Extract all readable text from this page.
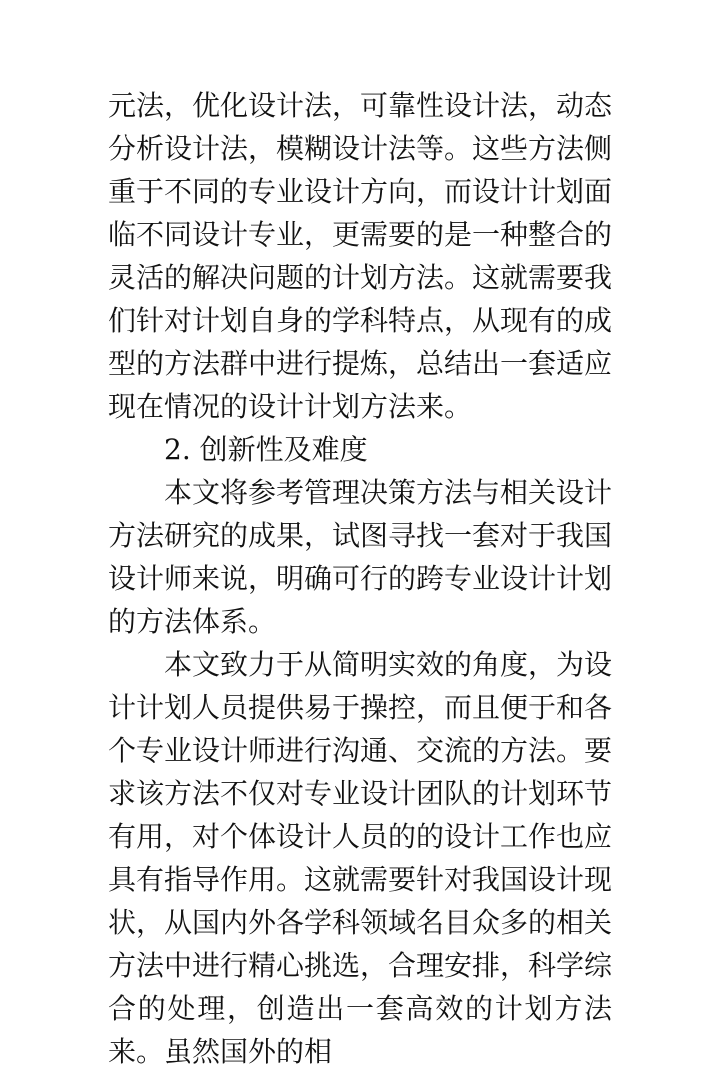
元法，优化设计法，可靠性设计法，动态分析设计法，模糊设计法等。这些方法侧重于不同的专业设计方向，而设计计划面临不同设计专业，更需要的是一种整合的灵活的解决问题的计划方法。这就需要我们针对计划自身的学科特点，从现有的成型的方法群中进行提炼，总结出一套适应现在情况的设计计划方法来。

2. 创新性及难度

本文将参考管理决策方法与相关设计方法研究的成果，试图寻找一套对于我国设计师来说，明确可行的跨专业设计计划的方法体系。

本文致力于从简明实效的角度，为设计计划人员提供易于操控，而且便于和各个专业设计师进行沟通、交流的方法。要求该方法不仅对专业设计团队的计划环节有用，对个体设计人员的的设计工作也应具有指导作用。这就需要针对我国设计现状，从国内外各学科领域名目众多的相关方法中进行精心挑选，合理安排，科学综合的处理，创造出一套高效的计划方法来。虽然国外的相
